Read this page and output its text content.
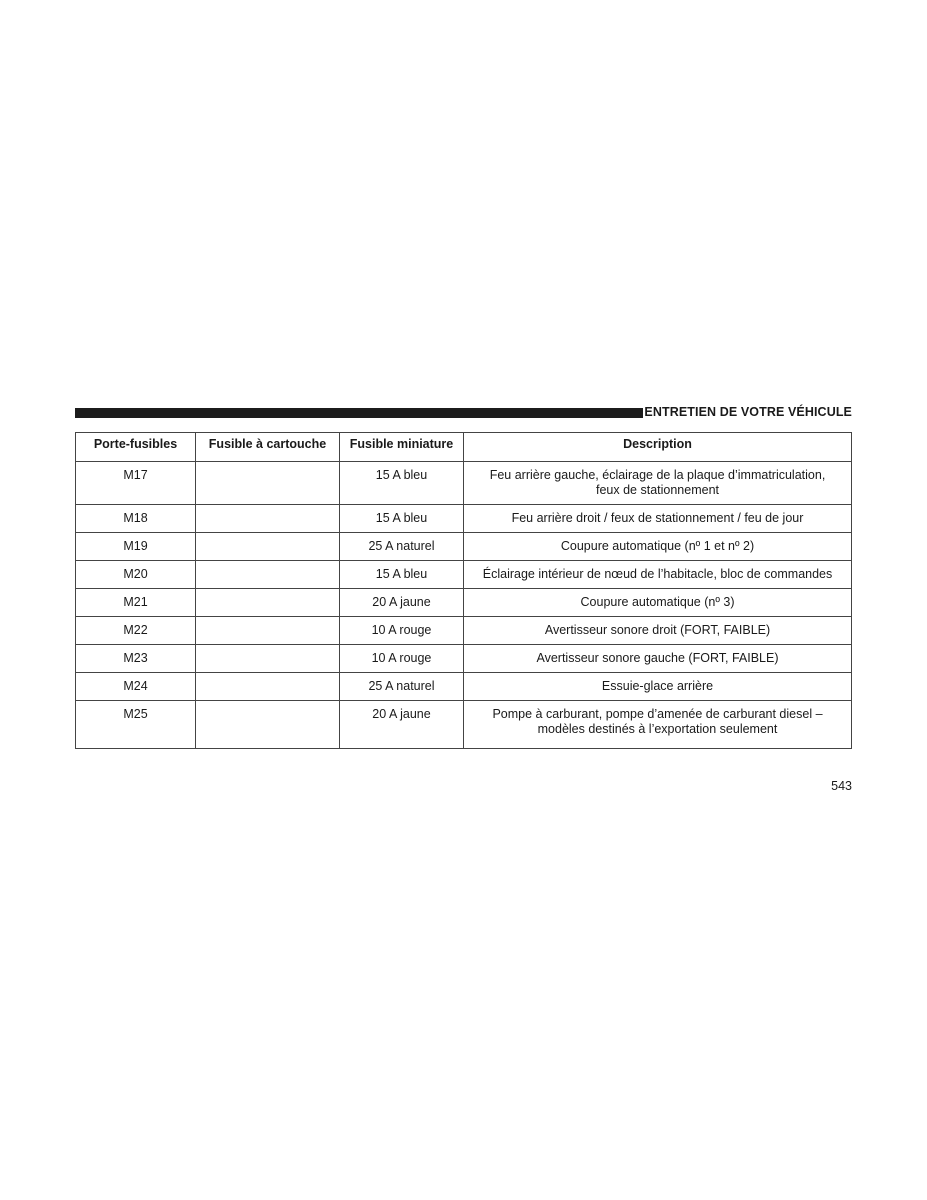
ENTRETIEN DE VOTRE VÉHICULE
Porte-fusibles	Fusible à cartouche	Fusible miniature	Description
M17		15 A bleu	Feu arrière gauche, éclairage de la plaque d’immatriculation,
feux de stationnement
M18		15 A bleu	Feu arrière droit / feux de stationnement / feu de jour
M19		25 A naturel	Coupure automatique (nº 1 et nº 2)
M20		15 A bleu	Éclairage intérieur de nœud de l’habitacle, bloc de commandes
M21		20 A jaune	Coupure automatique (nº 3)
M22		10 A rouge	Avertisseur sonore droit (FORT, FAIBLE)
M23		10 A rouge	Avertisseur sonore gauche (FORT, FAIBLE)
M24		25 A naturel	Essuie-glace arrière
M25		20 A jaune	Pompe à carburant, pompe d’amenée de carburant diesel –
modèles destinés à l’exportation seulement
543
